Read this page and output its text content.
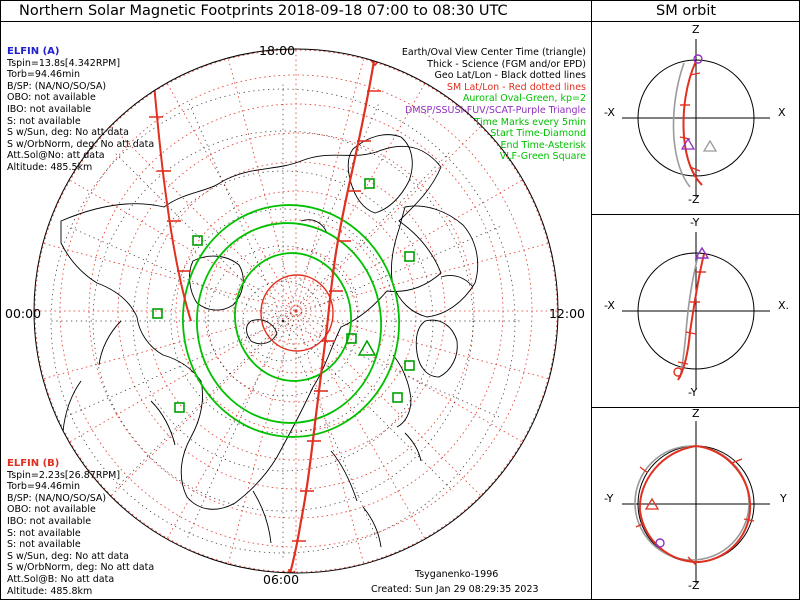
Northern Solar Magnetic Footprints 2018-09-18 07:00 to 08:30 UTC	SM orbit
12:00
00:00
18:00
06:00
Earth/Oval View Center Time (triangle)
Thick - Science (FGM and/or EPD)
Geo Lat/Lon - Black dotted lines
SM Lat/Lon - Red dotted lines
Auroral Oval-Green, kp=2
DMSP/SSUSI-FUV/SCAT-Purple Triangle
Time Marks every 5min
Start Time-Diamond
End Time-Asterisk
VLF-Green Square
ELFIN (A)
Tspin=13.8s[4.342RPM]
Torb=94.46min
B/SP: (NA/NO/SO/SA)
OBO: not available
IBO: not available
S: not available
S w/Sun, deg: No att data
S w/OrbNorm, deg: No att data
Att.Sol@No: att data
Altitude: 485.5km
ELFIN (B)
Tspin=2.23s[26.87RPM]
Torb=94.46min
B/SP: (NA/NO/SO/SA)
OBO: not available
IBO: not available
S: not available
S: not available
S w/Sun, deg: No att data
S w/OrbNorm, deg: No att data
Att.Sol@B: No att data
Altitude: 485.8km
Tsyganenko-1996
Created: Sun Jan 29 08:29:35 2023
Z
-Z
-X	X
-Y
-Y
-X	X.
Z
-Z
-Y	Y
